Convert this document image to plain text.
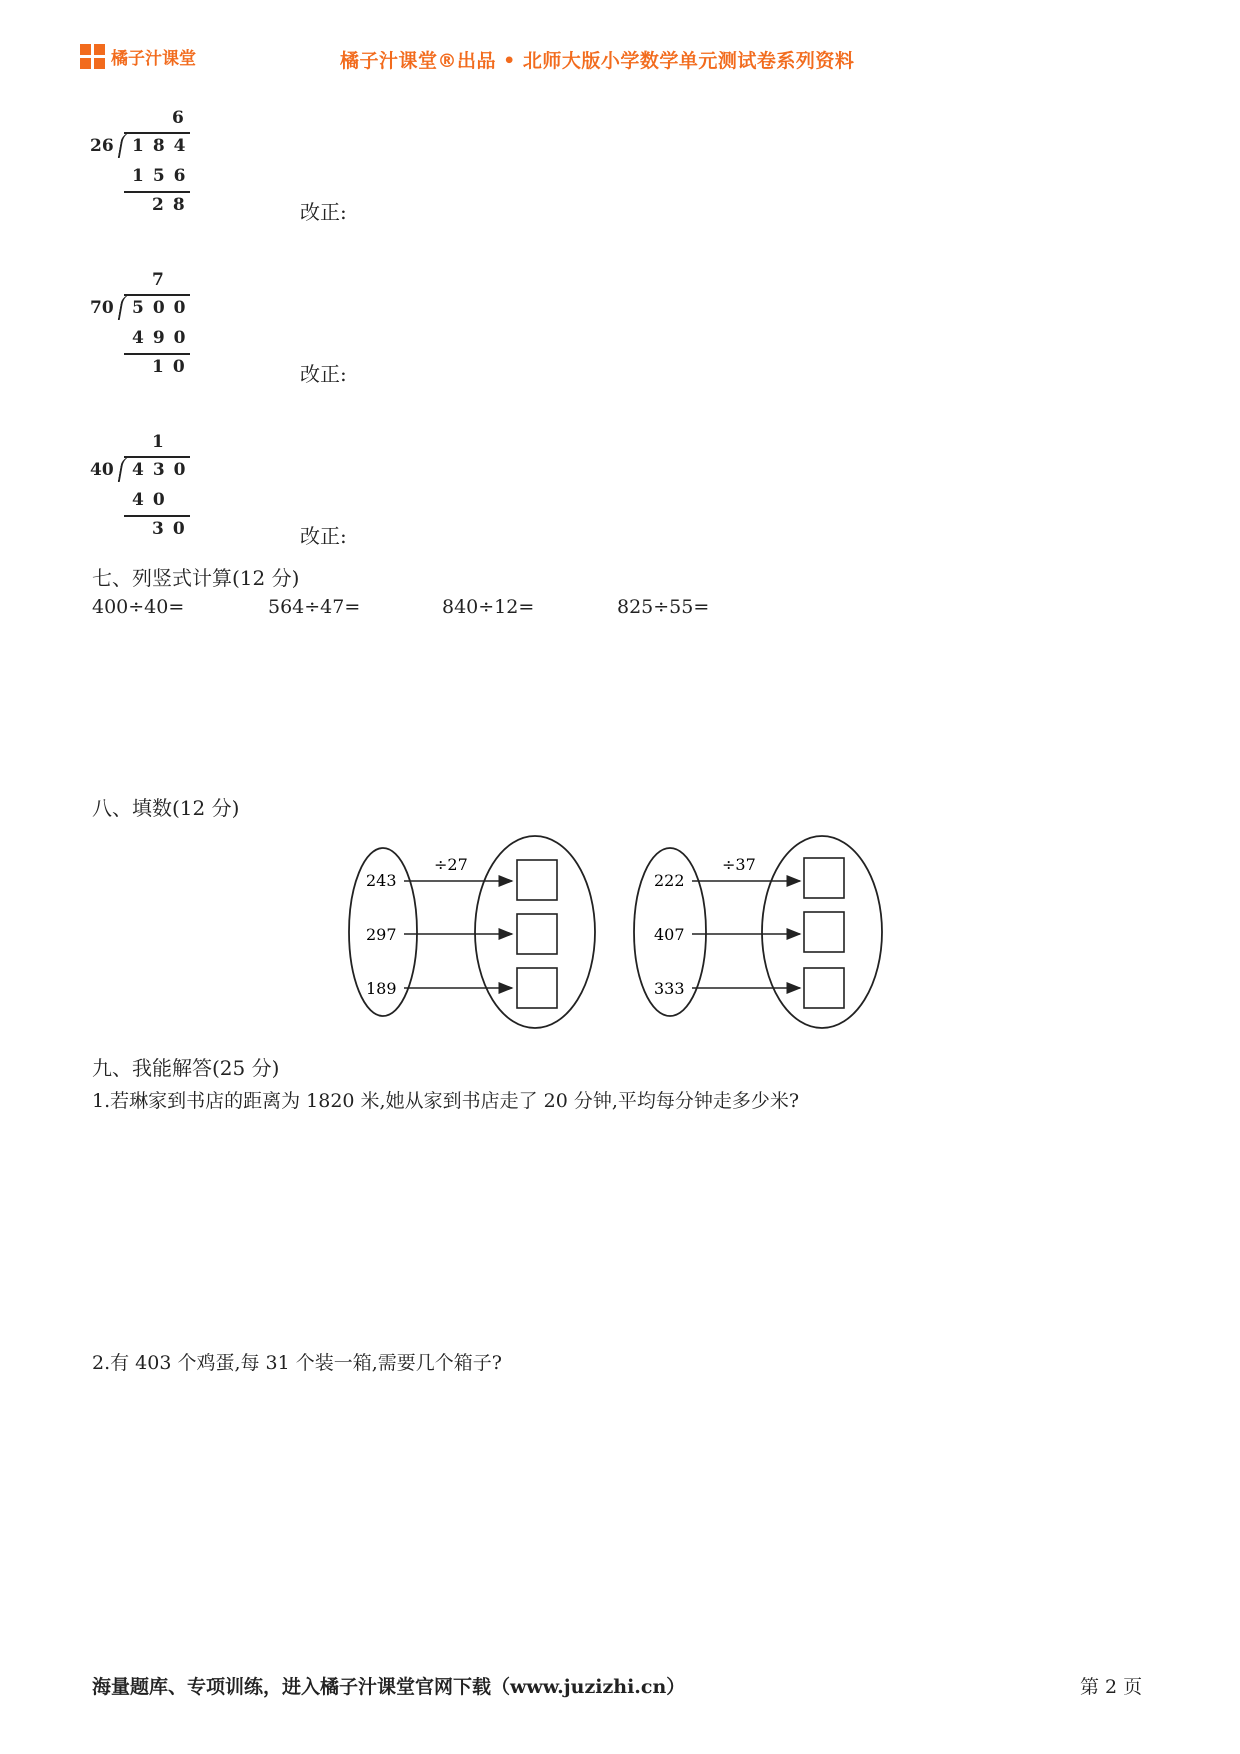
橘子汁课堂	橘子汁课堂®出品 • 北师大版小学数学单元测试卷系列资料
6
26 184
156
28	改正:
7
70 500
490
10	改正:
1
40 430
40
30	改正:
七、列竖式计算(12 分)
400÷40=	564÷47=	840÷12=	825÷55=
八、填数(12 分)
÷27
243
297
189
÷37
222
407
333
九、我能解答(25 分)
1.若琳家到书店的距离为 1820 米,她从家到书店走了 20 分钟,平均每分钟走多少米?
2.有 403 个鸡蛋,每 31 个装一箱,需要几个箱子?
海量题库、专项训练，进入橘子汁课堂官网下载（www.juzizhi.cn）	第 2 页
